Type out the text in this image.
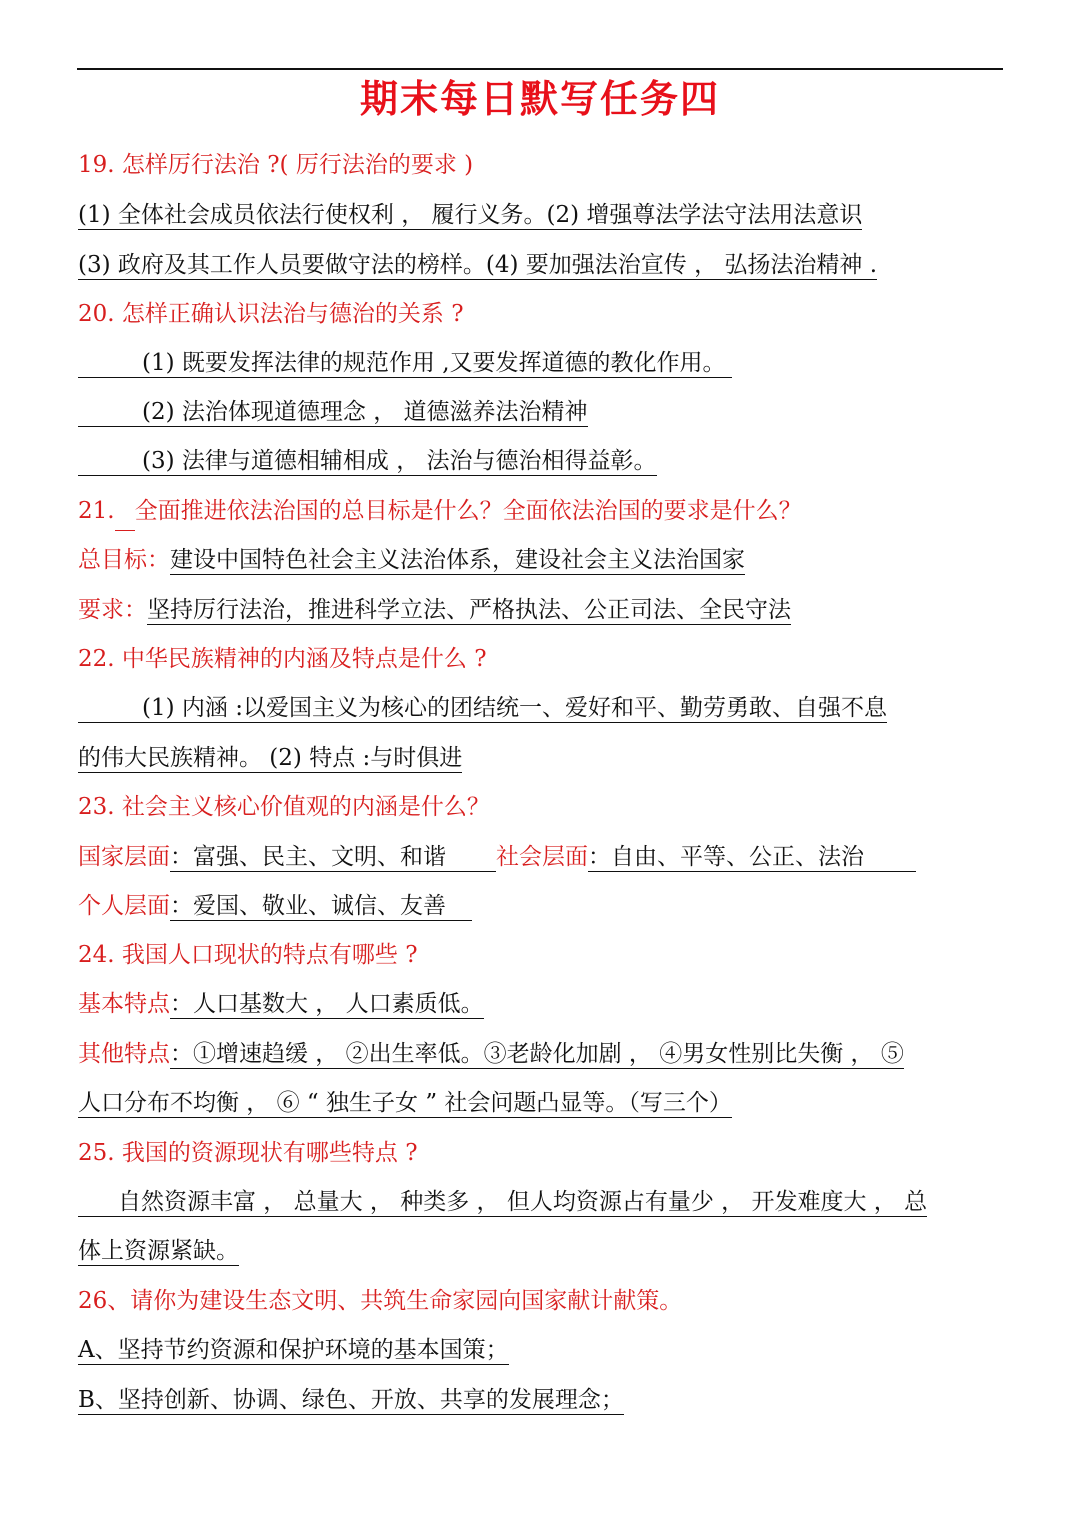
期末每日默写任务四
19. 怎样厉行法治 ?( 厉行法治的要求 )
(1) 全体社会成员依法行使权利 ， 履行义务。(2) 增强尊法学法守法用法意识
(3) 政府及其工作人员要做守法的榜样。(4) 要加强法治宣传 ， 弘扬法治精神 .
20. 怎样正确认识法治与德治的关系 ?
(1) 既要发挥法律的规范作用 ,又要发挥道德的教化作用。
(2) 法治体现道德理念 ， 道德滋养法治精神
(3) 法律与道德相辅相成 ， 法治与德治相得益彰。
21. 全面推进依法治国的总目标是什么？全面依法治国的要求是什么？
总目标：建设中国特色社会主义法治体系，建设社会主义法治国家
要求：坚持厉行法治，推进科学立法、严格执法、公正司法、全民守法
22. 中华民族精神的内涵及特点是什么 ?
(1) 内涵 :以爱国主义为核心的团结统一、爱好和平、勤劳勇敢、自强不息
的伟大民族精神。 (2) 特点 :与时俱进
23. 社会主义核心价值观的内涵是什么？
国家层面：富强、民主、文明、和谐 社会层面：自由、平等、公正、法治
个人层面：爱国、敬业、诚信、友善
24. 我国人口现状的特点有哪些 ?
基本特点：人口基数大 ， 人口素质低。
其他特点：①增速趋缓 ， ②出生率低。③老龄化加剧 ， ④男女性别比失衡 ， ⑤
人口分布不均衡 ， ⑥ “ 独生子女 ” 社会问题凸显等。（写三个）
25. 我国的资源现状有哪些特点 ?
自然资源丰富 ， 总量大 ， 种类多 ， 但人均资源占有量少 ， 开发难度大 ， 总
体上资源紧缺。
26、请你为建设生态文明、共筑生命家园向国家献计献策。
A、坚持节约资源和保护环境的基本国策；
B、坚持创新、协调、绿色、开放、共享的发展理念；
